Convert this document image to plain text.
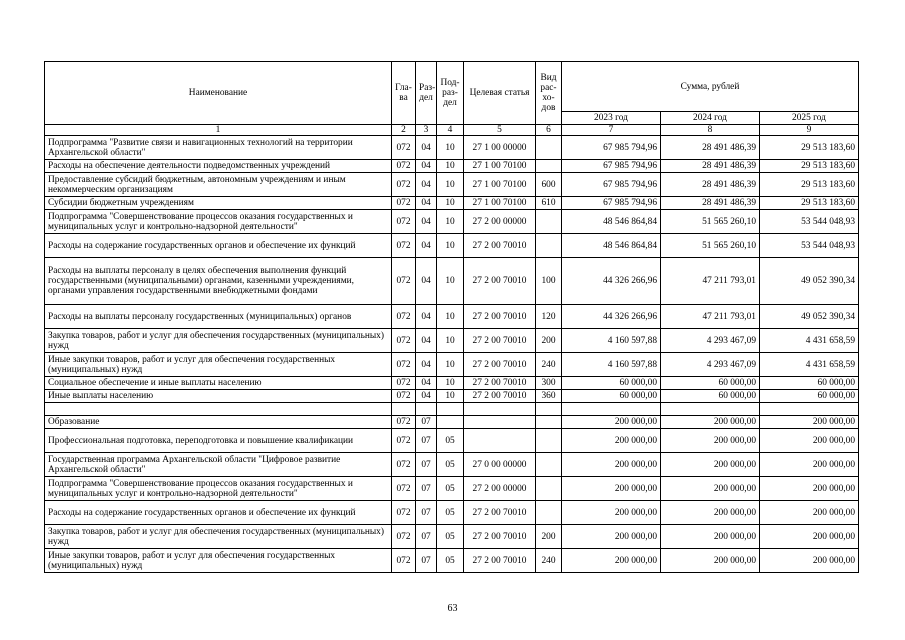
Наименование	Гла-ва	Раз-дел	Под-раз-дел	Целевая статья	Вид рас-хо-дов	Сумма, рублей		
						2023 год	2024 год	2025 год
1	2	3	4	5	6	7	8	9
Подпрограмма "Развитие связи и навигационных технологий на территории Архангельской области"	072	04	10	27 1 00 00000		67 985 794,96	28 491 486,39	29 513 183,60
Расходы на обеспечение деятельности подведомственных учреждений	072	04	10	27 1 00 70100		67 985 794,96	28 491 486,39	29 513 183,60
Предоставление субсидий бюджетным, автономным учреждениям и иным некоммерческим организациям	072	04	10	27 1 00 70100	600	67 985 794,96	28 491 486,39	29 513 183,60
Субсидии бюджетным учреждениям	072	04	10	27 1 00 70100	610	67 985 794,96	28 491 486,39	29 513 183,60
Подпрограмма "Совершенствование процессов оказания государственных и муниципальных услуг и контрольно-надзорной деятельности"	072	04	10	27 2 00 00000		48 546 864,84	51 565 260,10	53 544 048,93
Расходы на содержание государственных органов и обеспечение их функций	072	04	10	27 2 00 70010		48 546 864,84	51 565 260,10	53 544 048,93
Расходы на выплаты персоналу в целях обеспечения выполнения функций государственными (муниципальными) органами, казенными учреждениями, органами управления государственными внебюджетными фондами	072	04	10	27 2 00 70010	100	44 326 266,96	47 211 793,01	49 052 390,34
Расходы на выплаты персоналу государственных (муниципальных) органов	072	04	10	27 2 00 70010	120	44 326 266,96	47 211 793,01	49 052 390,34
Закупка товаров, работ и услуг для обеспечения государственных (муниципальных) нужд	072	04	10	27 2 00 70010	200	4 160 597,88	4 293 467,09	4 431 658,59
Иные закупки товаров, работ и услуг для обеспечения государственных (муниципальных) нужд	072	04	10	27 2 00 70010	240	4 160 597,88	4 293 467,09	4 431 658,59
Социальное обеспечение и иные выплаты населению	072	04	10	27 2 00 70010	300	60 000,00	60 000,00	60 000,00
Иные выплаты населению	072	04	10	27 2 00 70010	360	60 000,00	60 000,00	60 000,00

Образование	072	07				200 000,00	200 000,00	200 000,00
Профессиональная подготовка, переподготовка и повышение квалификации	072	07	05			200 000,00	200 000,00	200 000,00
Государственная программа Архангельской области "Цифровое развитие Архангельской области"	072	07	05	27 0 00 00000		200 000,00	200 000,00	200 000,00
Подпрограмма "Совершенствование процессов оказания государственных и муниципальных услуг и контрольно-надзорной деятельности"	072	07	05	27 2 00 00000		200 000,00	200 000,00	200 000,00
Расходы на содержание государственных органов и обеспечение их функций	072	07	05	27 2 00 70010		200 000,00	200 000,00	200 000,00
Закупка товаров, работ и услуг для обеспечения государственных (муниципальных) нужд	072	07	05	27 2 00 70010	200	200 000,00	200 000,00	200 000,00
Иные закупки товаров, работ и услуг для обеспечения государственных (муниципальных) нужд	072	07	05	27 2 00 70010	240	200 000,00	200 000,00	200 000,00
63
